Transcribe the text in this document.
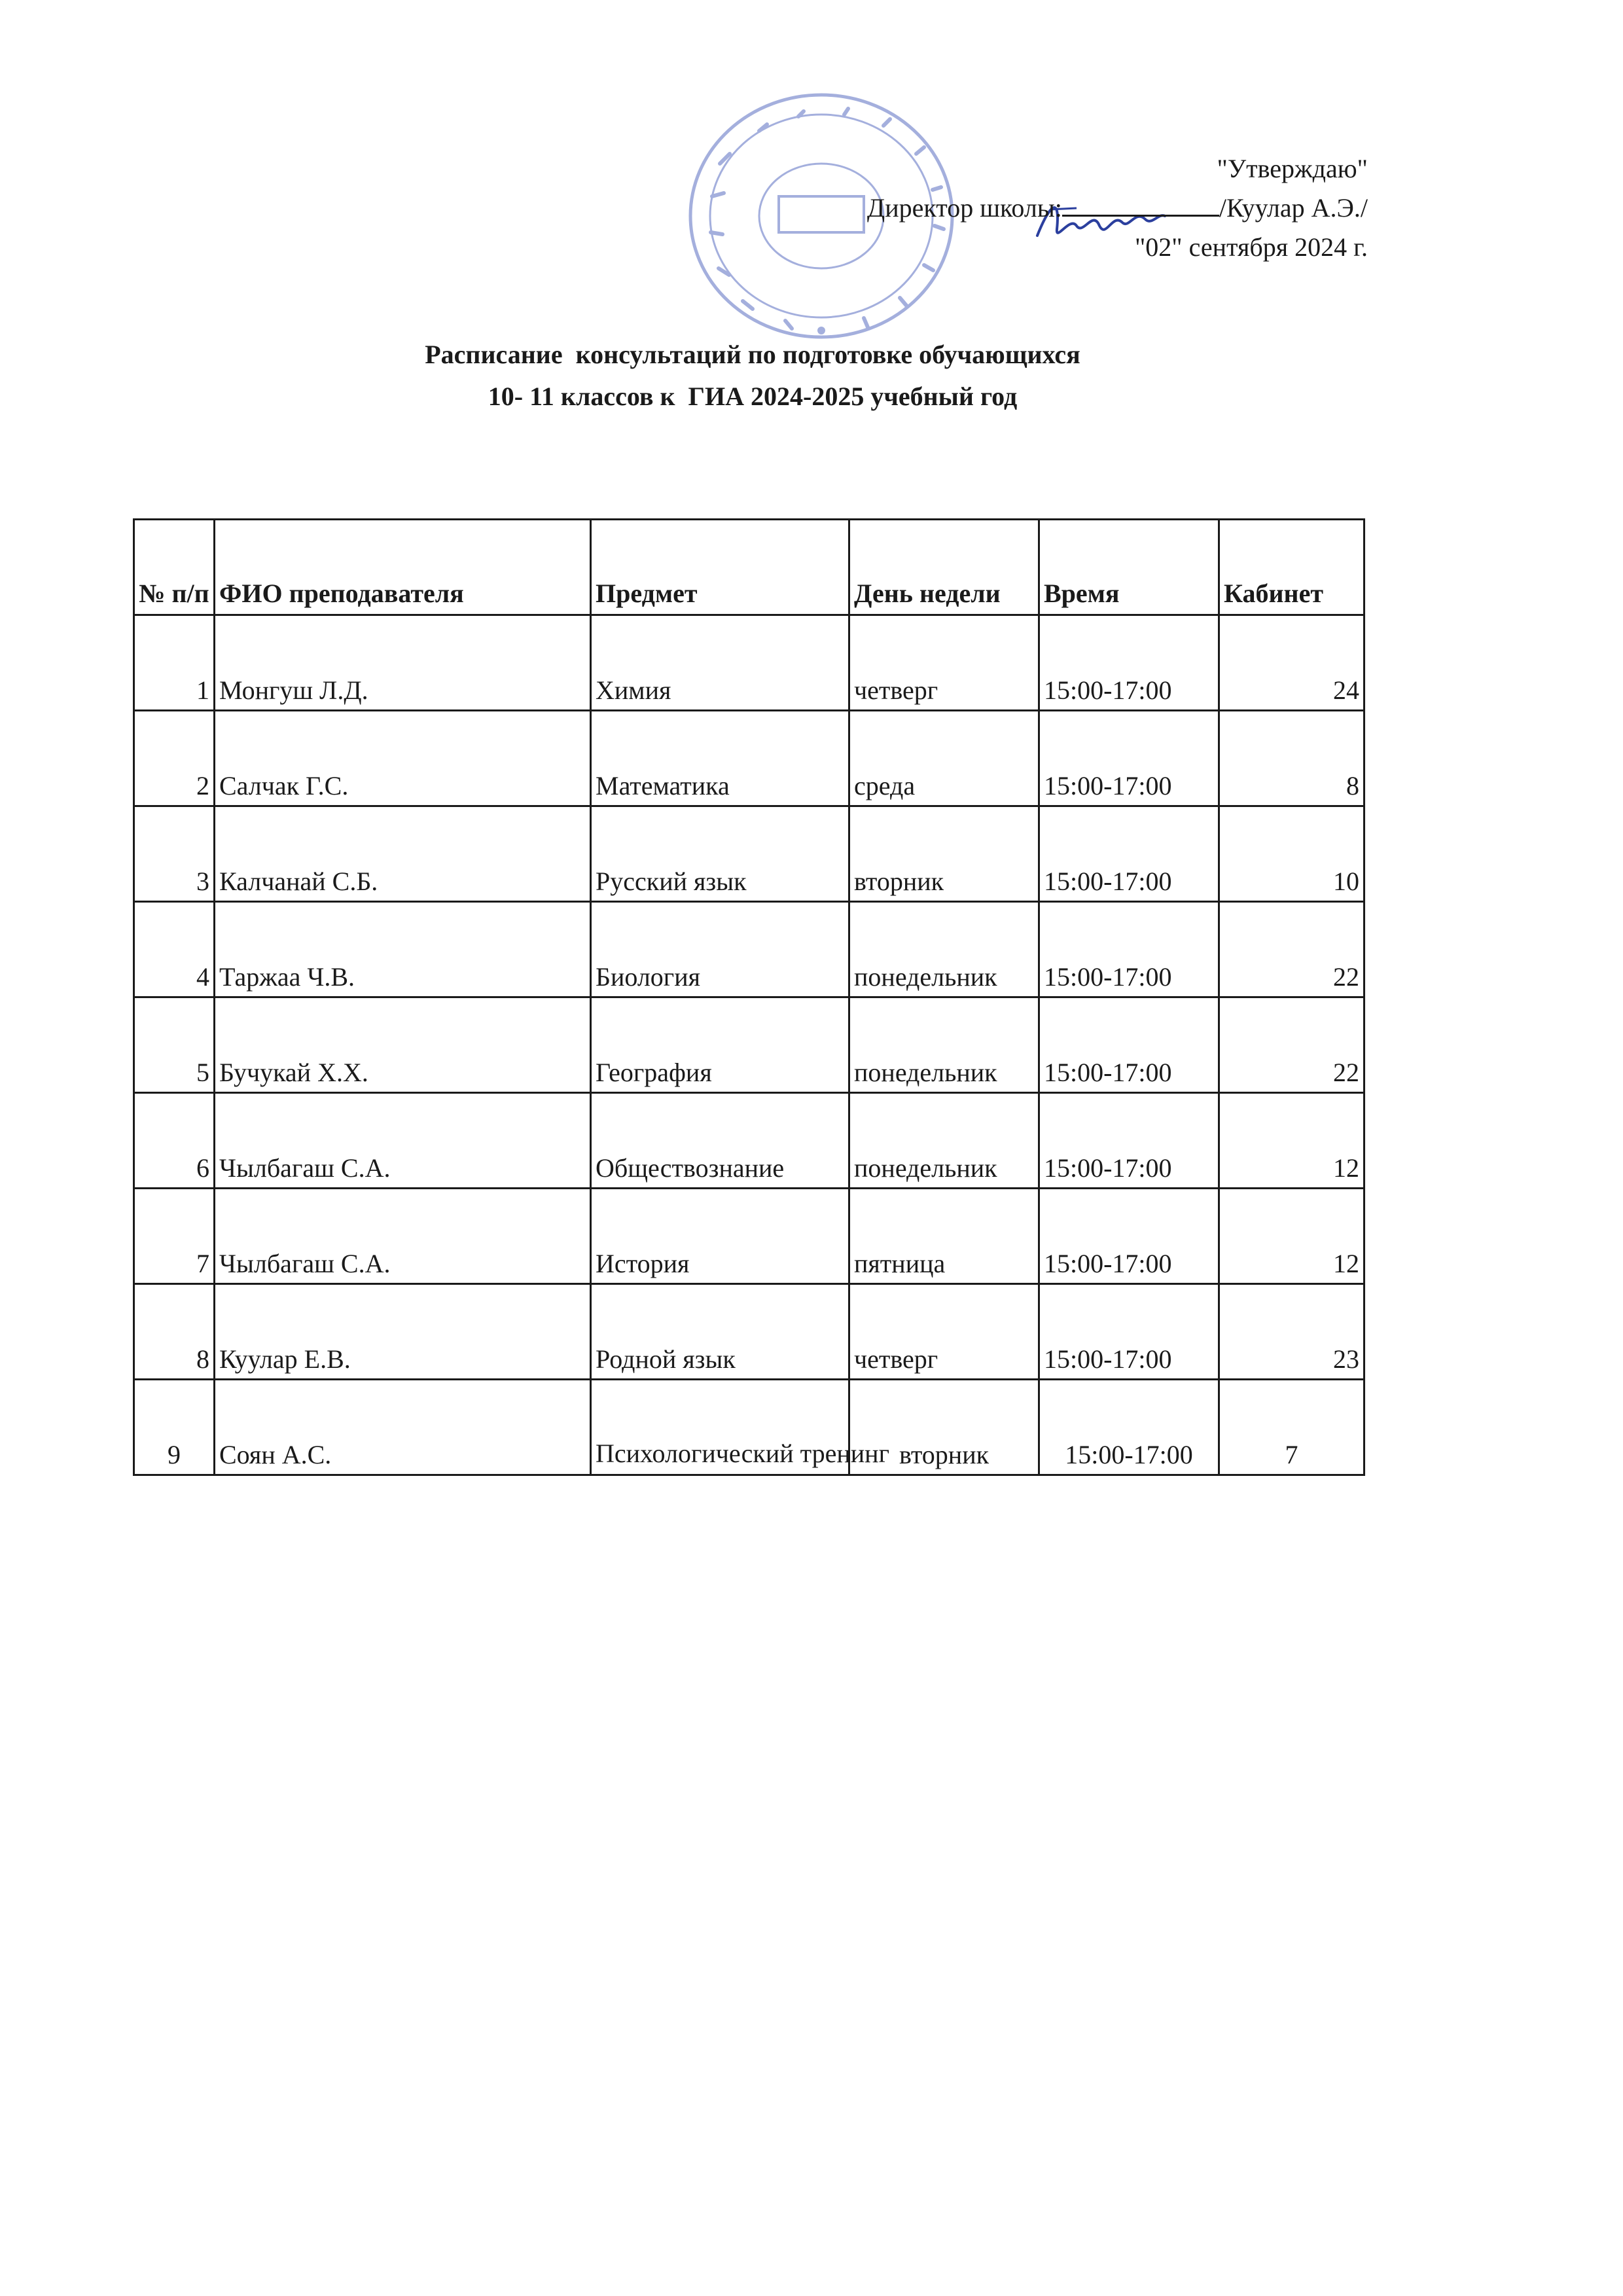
"Утверждаю"
Директор школы:	/Куулар А.Э./
"02" сентября 2024 г.
Расписание  консультаций по подготовке обучающихся
10- 11 классов к  ГИА 2024-2025 учебный год
№ п/п	ФИО преподавателя	Предмет	День недели	Время	Кабинет
1	Монгуш Л.Д.	Химия	четверг	15:00-17:00	24
2	Салчак Г.С.	Математика	среда	15:00-17:00	8
3	Калчанай С.Б.	Русский язык	вторник	15:00-17:00	10
4	Таржаа Ч.В.	Биология	понедельник	15:00-17:00	22
5	Бучукай Х.Х.	География	понедельник	15:00-17:00	22
6	Чылбагаш С.А.	Обществознание	понедельник	15:00-17:00	12
7	Чылбагаш С.А.	История	пятница	15:00-17:00	12
8	Куулар Е.В.	Родной язык	четверг	15:00-17:00	23
9	Соян А.С.	Психологический тренинг	вторник	15:00-17:00	7
